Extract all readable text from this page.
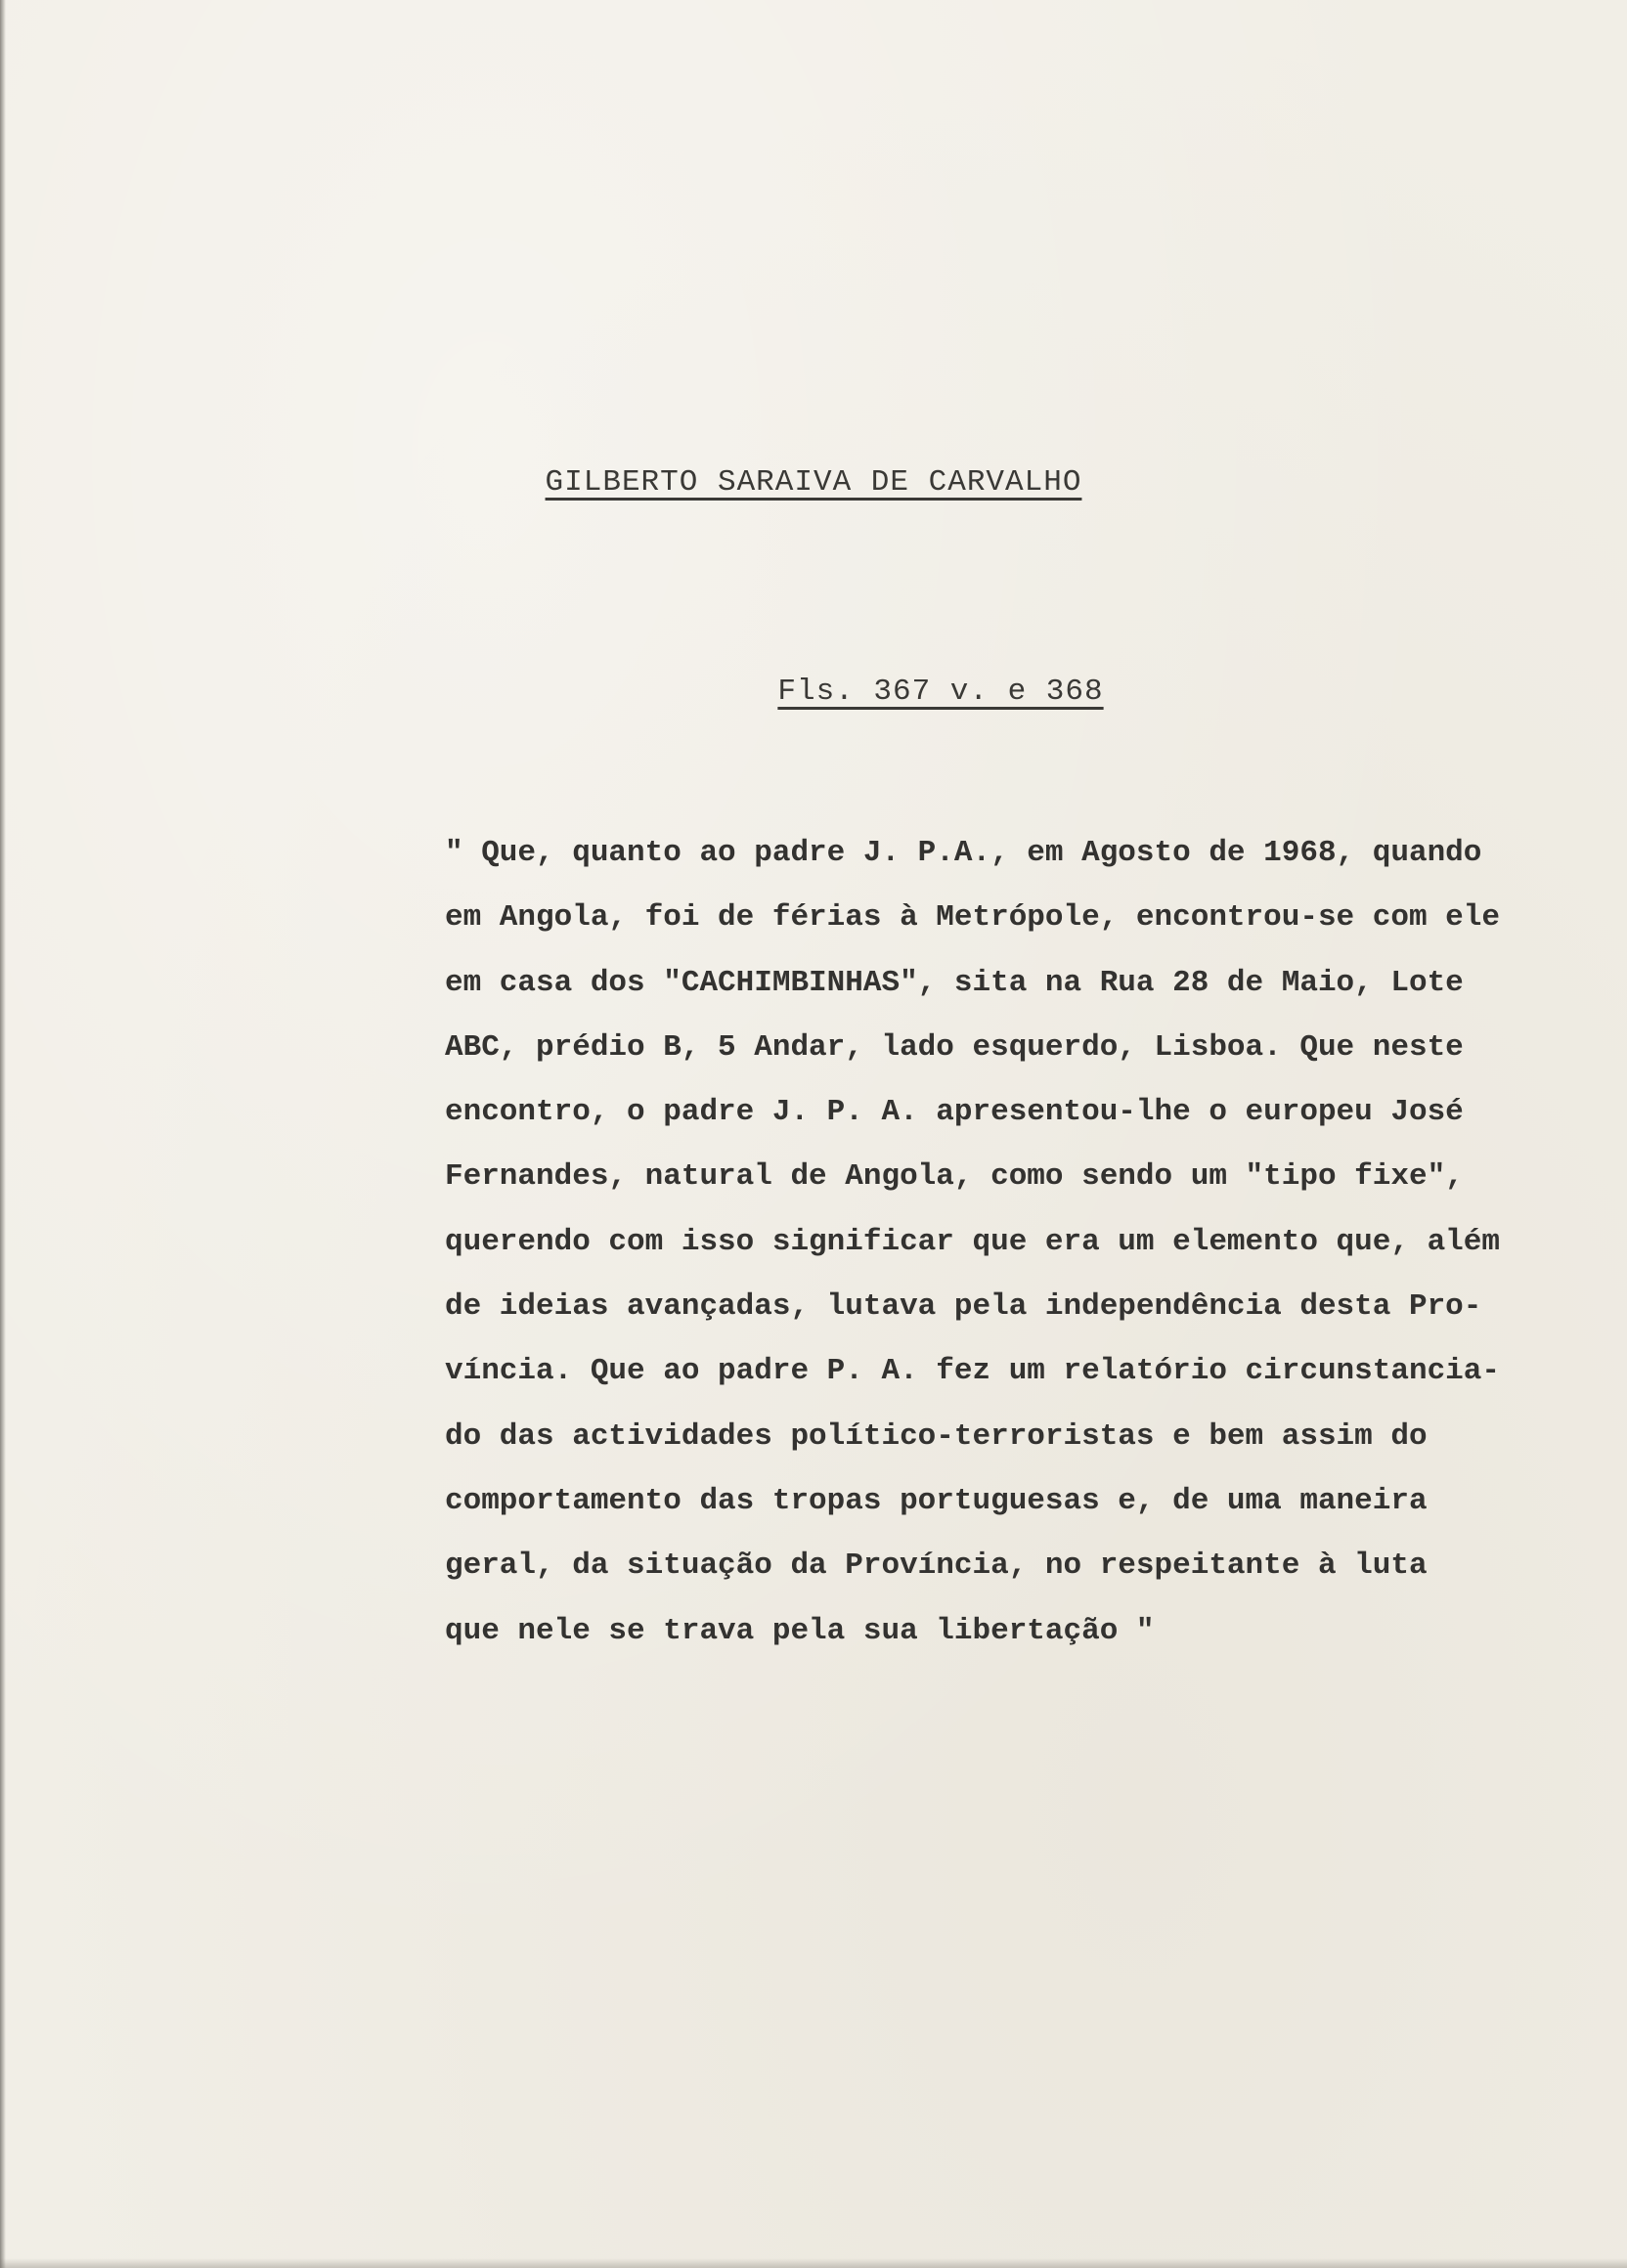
GILBERTO SARAIVA DE CARVALHO
Fls. 367 v. e 368
" Que, quanto ao padre J. P.A., em Agosto de 1968, quando
em Angola, foi de férias à Metrópole, encontrou-se com ele
em casa dos "CACHIMBINHAS", sita na Rua 28 de Maio, Lote
ABC, prédio B, 5 Andar, lado esquerdo, Lisboa. Que neste
encontro, o padre J. P. A. apresentou-lhe o europeu José
Fernandes, natural de Angola, como sendo um "tipo fixe",
querendo com isso significar que era um elemento que, além
de ideias avançadas, lutava pela independência desta Pro-
víncia. Que ao padre P. A. fez um relatório circunstancia-
do das actividades político-terroristas e bem assim do
comportamento das tropas portuguesas e, de uma maneira
geral, da situação da Província, no respeitante à luta
que nele se trava pela sua libertação "
